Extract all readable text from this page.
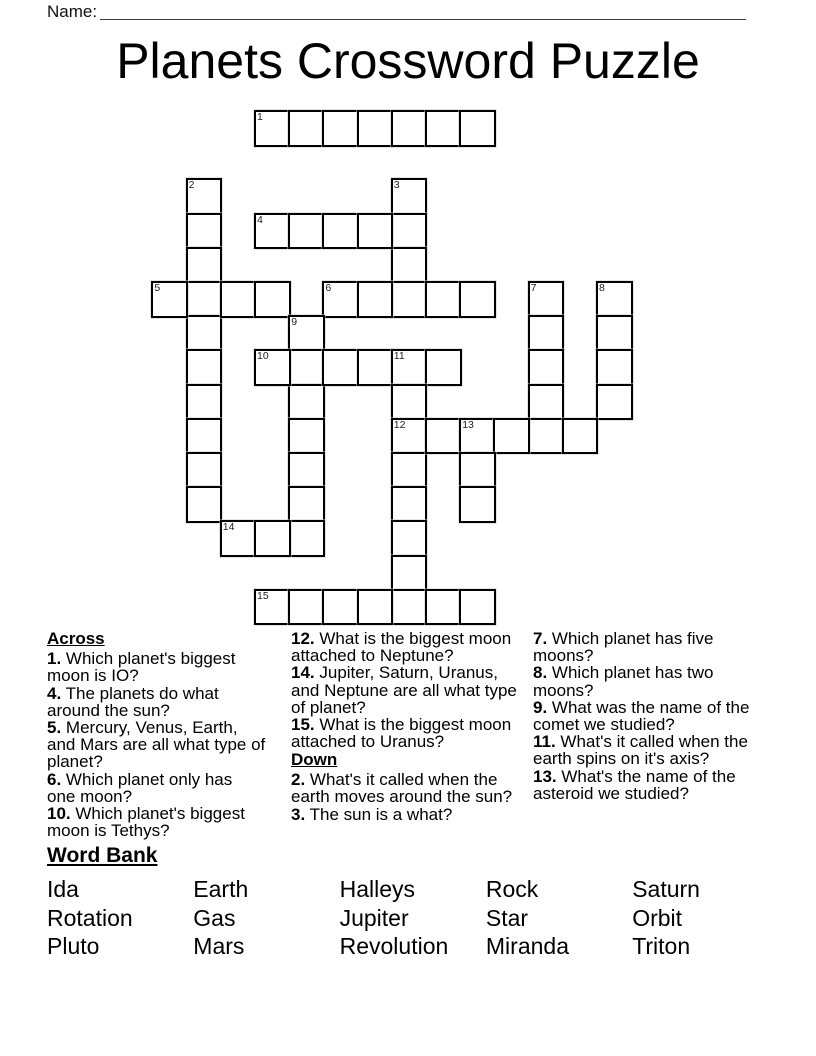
Name:
Planets Crossword Puzzle
1
2	3
4
5	6	7	8
9
10	11
12	13
14
15
Across
1. Which planet's biggest moon is IO?
4. The planets do what around the sun?
5. Mercury, Venus, Earth, and Mars are all what type of planet?
6. Which planet only has one moon?
10. Which planet's biggest moon is Tethys?
12. What is the biggest moon attached to Neptune?
14. Jupiter, Saturn, Uranus, and Neptune are all what type of planet?
15. What is the biggest moon attached to Uranus?
Down
2. What's it called when the earth moves around the sun?
3. The sun is a what?
7. Which planet has five moons?
8. Which planet has two moons?
9. What was the name of the comet we studied?
11. What's it called when the earth spins on it's axis?
13. What's the name of the asteroid we studied?
Word Bank
Ida	Earth	Halleys	Rock	Saturn
Rotation	Gas	Jupiter	Star	Orbit
Pluto	Mars	Revolution	Miranda	Triton
